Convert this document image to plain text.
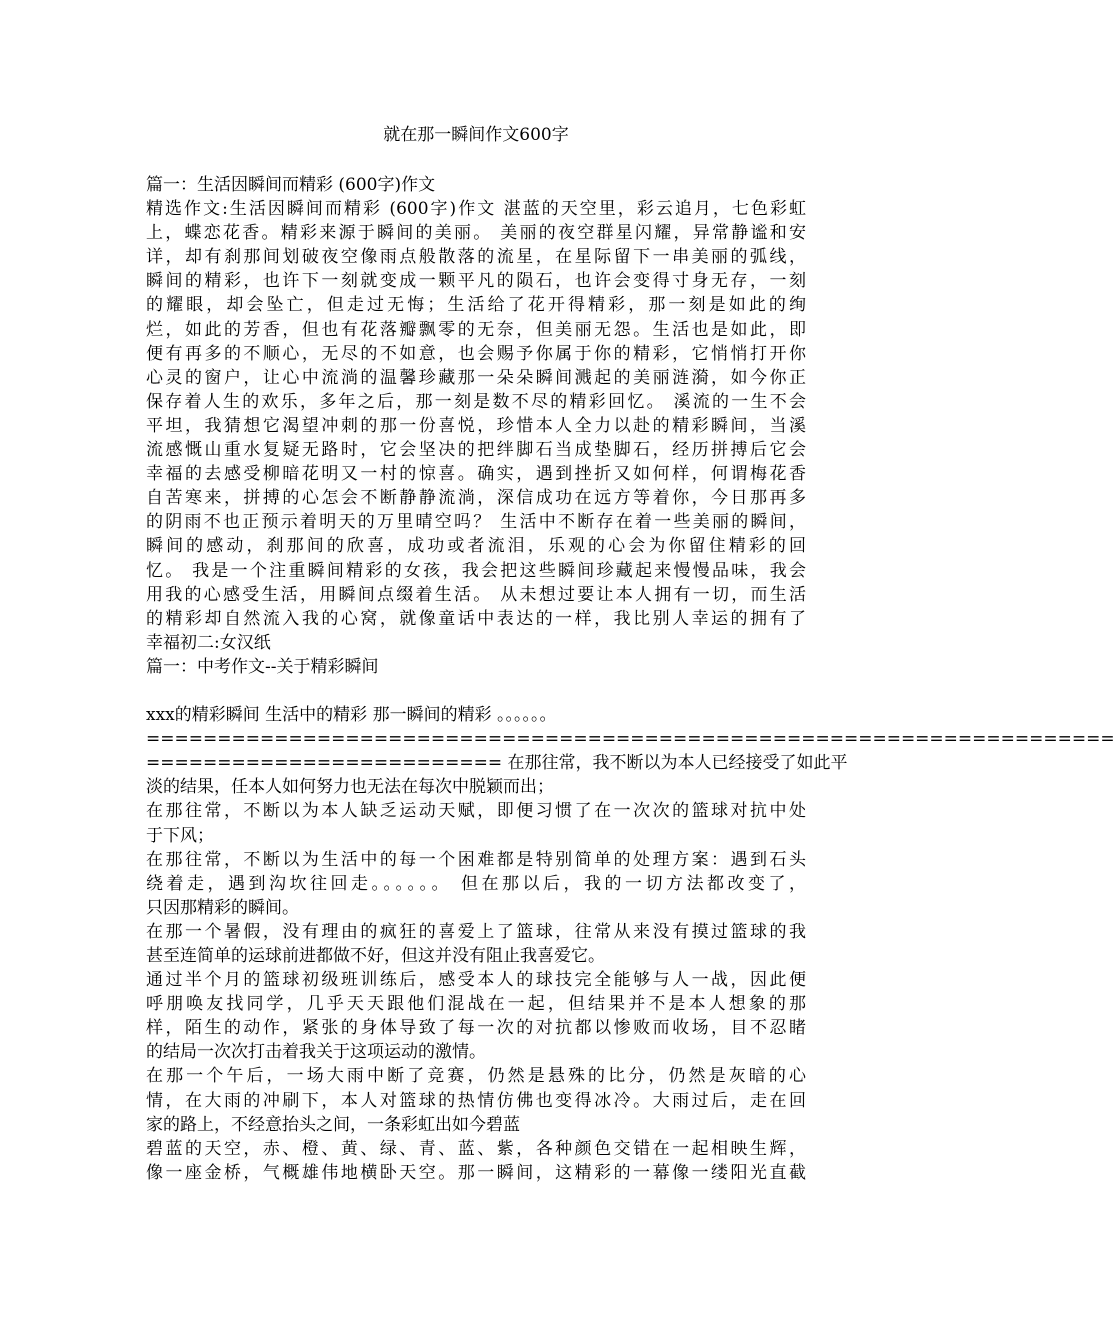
就在那一瞬间作文600字
篇一：生活因瞬间而精彩 (600字)作文
精选作文:生活因瞬间而精彩 (600字)作文 湛蓝的天空里，彩云追月，七色彩虹
上，蝶恋花香。精彩来源于瞬间的美丽。 美丽的夜空群星闪耀，异常静谧和安
详，却有刹那间划破夜空像雨点般散落的流星，在星际留下一串美丽的弧线，
瞬间的精彩，也许下一刻就变成一颗平凡的陨石，也许会变得寸身无存，一刻
的耀眼，却会坠亡，但走过无悔；生活给了花开得精彩，那一刻是如此的绚
烂，如此的芳香，但也有花落瓣飘零的无奈，但美丽无怨。生活也是如此，即
便有再多的不顺心，无尽的不如意，也会赐予你属于你的精彩，它悄悄打开你
心灵的窗户，让心中流淌的温馨珍藏那一朵朵瞬间溅起的美丽涟漪，如今你正
保存着人生的欢乐，多年之后，那一刻是数不尽的精彩回忆。 溪流的一生不会
平坦，我猜想它渴望冲刺的那一份喜悦，珍惜本人全力以赴的精彩瞬间，当溪
流感慨山重水复疑无路时，它会坚决的把绊脚石当成垫脚石，经历拼搏后它会
幸福的去感受柳暗花明又一村的惊喜。确实，遇到挫折又如何样，何谓梅花香
自苦寒来，拼搏的心怎会不断静静流淌，深信成功在远方等着你，今日那再多
的阴雨不也正预示着明天的万里晴空吗？ 生活中不断存在着一些美丽的瞬间，
瞬间的感动，刹那间的欣喜，成功或者流泪，乐观的心会为你留住精彩的回
忆。 我是一个注重瞬间精彩的女孩，我会把这些瞬间珍藏起来慢慢品味，我会
用我的心感受生活，用瞬间点缀着生活。 从未想过要让本人拥有一切，而生活
的精彩却自然流入我的心窝，就像童话中表达的一样，我比别人幸运的拥有了
幸福初二:女汉纸
篇一：中考作文--关于精彩瞬间
xxx的精彩瞬间 生活中的精彩 那一瞬间的精彩 。。。。。。
====================================================================
========================= 在那往常，我不断以为本人已经接受了如此平
淡的结果，任本人如何努力也无法在每次中脱颖而出；
在那往常，不断以为本人缺乏运动天赋，即便习惯了在一次次的篮球对抗中处
于下风；
在那往常，不断以为生活中的每一个困难都是特别简单的处理方案：遇到石头
绕着走，遇到沟坎往回走。。。。。。 但在那以后，我的一切方法都改变了，
只因那精彩的瞬间。
在那一个暑假，没有理由的疯狂的喜爱上了篮球，往常从来没有摸过篮球的我
甚至连简单的运球前进都做不好，但这并没有阻止我喜爱它。
通过半个月的篮球初级班训练后，感受本人的球技完全能够与人一战，因此便
呼朋唤友找同学，几乎天天跟他们混战在一起，但结果并不是本人想象的那
样，陌生的动作，紧张的身体导致了每一次的对抗都以惨败而收场，目不忍睹
的结局一次次打击着我关于这项运动的激情。
在那一个午后，一场大雨中断了竞赛，仍然是悬殊的比分，仍然是灰暗的心
情，在大雨的冲刷下，本人对篮球的热情仿佛也变得冰冷。大雨过后，走在回
家的路上，不经意抬头之间，一条彩虹出如今碧蓝
碧蓝的天空，赤、橙、黄、绿、青、蓝、紫，各种颜色交错在一起相映生辉，
像一座金桥，气概雄伟地横卧天空。那一瞬间，这精彩的一幕像一缕阳光直截
